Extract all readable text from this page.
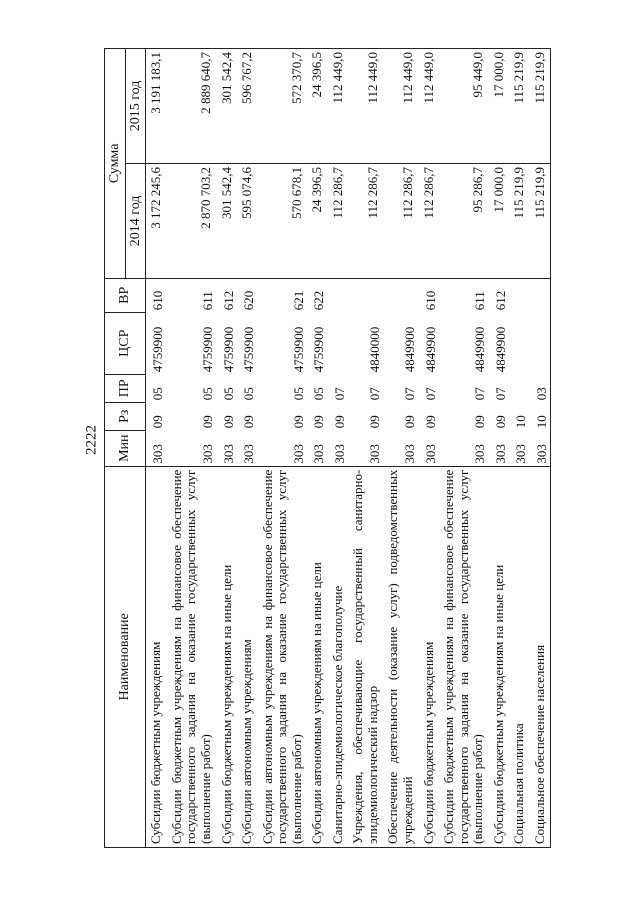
2222
Наименование	Мин	Рз	ПР	ЦСР	ВР	Сумма	
						2014 год	2015 год
Субсидии бюджетным учреждениям	303	09	05	4759900	610	3 172 245,6	3 191 183,1
Субсидии бюджетным учреждениям на финансовое обеспечение государственного задания на оказание государственных услуг (выполнение работ)	303	09	05	4759900	611	2 870 703,2	2 889 640,7
Субсидии бюджетным учреждениям на иные цели	303	09	05	4759900	612	301 542,4	301 542,4
Субсидии автономным учреждениям	303	09	05	4759900	620	595 074,6	596 767,2
Субсидии автономным учреждениям на финансовое обеспечение государственного задания на оказание государственных услуг (выполнение работ)	303	09	05	4759900	621	570 678,1	572 370,7
Субсидии автономным учреждениям на иные цели	303	09	05	4759900	622	24 396,5	24 396,5
Санитарно-эпидемиологическое благополучие	303	09	07			112 286,7	112 449,0
Учреждения, обеспечивающие государственный санитарно-эпидемиологический надзор	303	09	07	4840000		112 286,7	112 449,0
Обеспечение деятельности (оказание услуг) подведомственных учреждений	303	09	07	4849900		112 286,7	112 449,0
Субсидии бюджетным учреждениям	303	09	07	4849900	610	112 286,7	112 449,0
Субсидии бюджетным учреждениям на финансовое обеспечение государственного задания на оказание государственных услуг (выполнение работ)	303	09	07	4849900	611	95 286,7	95 449,0
Субсидии бюджетным учреждениям на иные цели	303	09	07	4849900	612	17 000,0	17 000,0
Социальная политика	303	10				115 219,9	115 219,9
Социальное обеспечение населения	303	10	03			115 219,9	115 219,9
